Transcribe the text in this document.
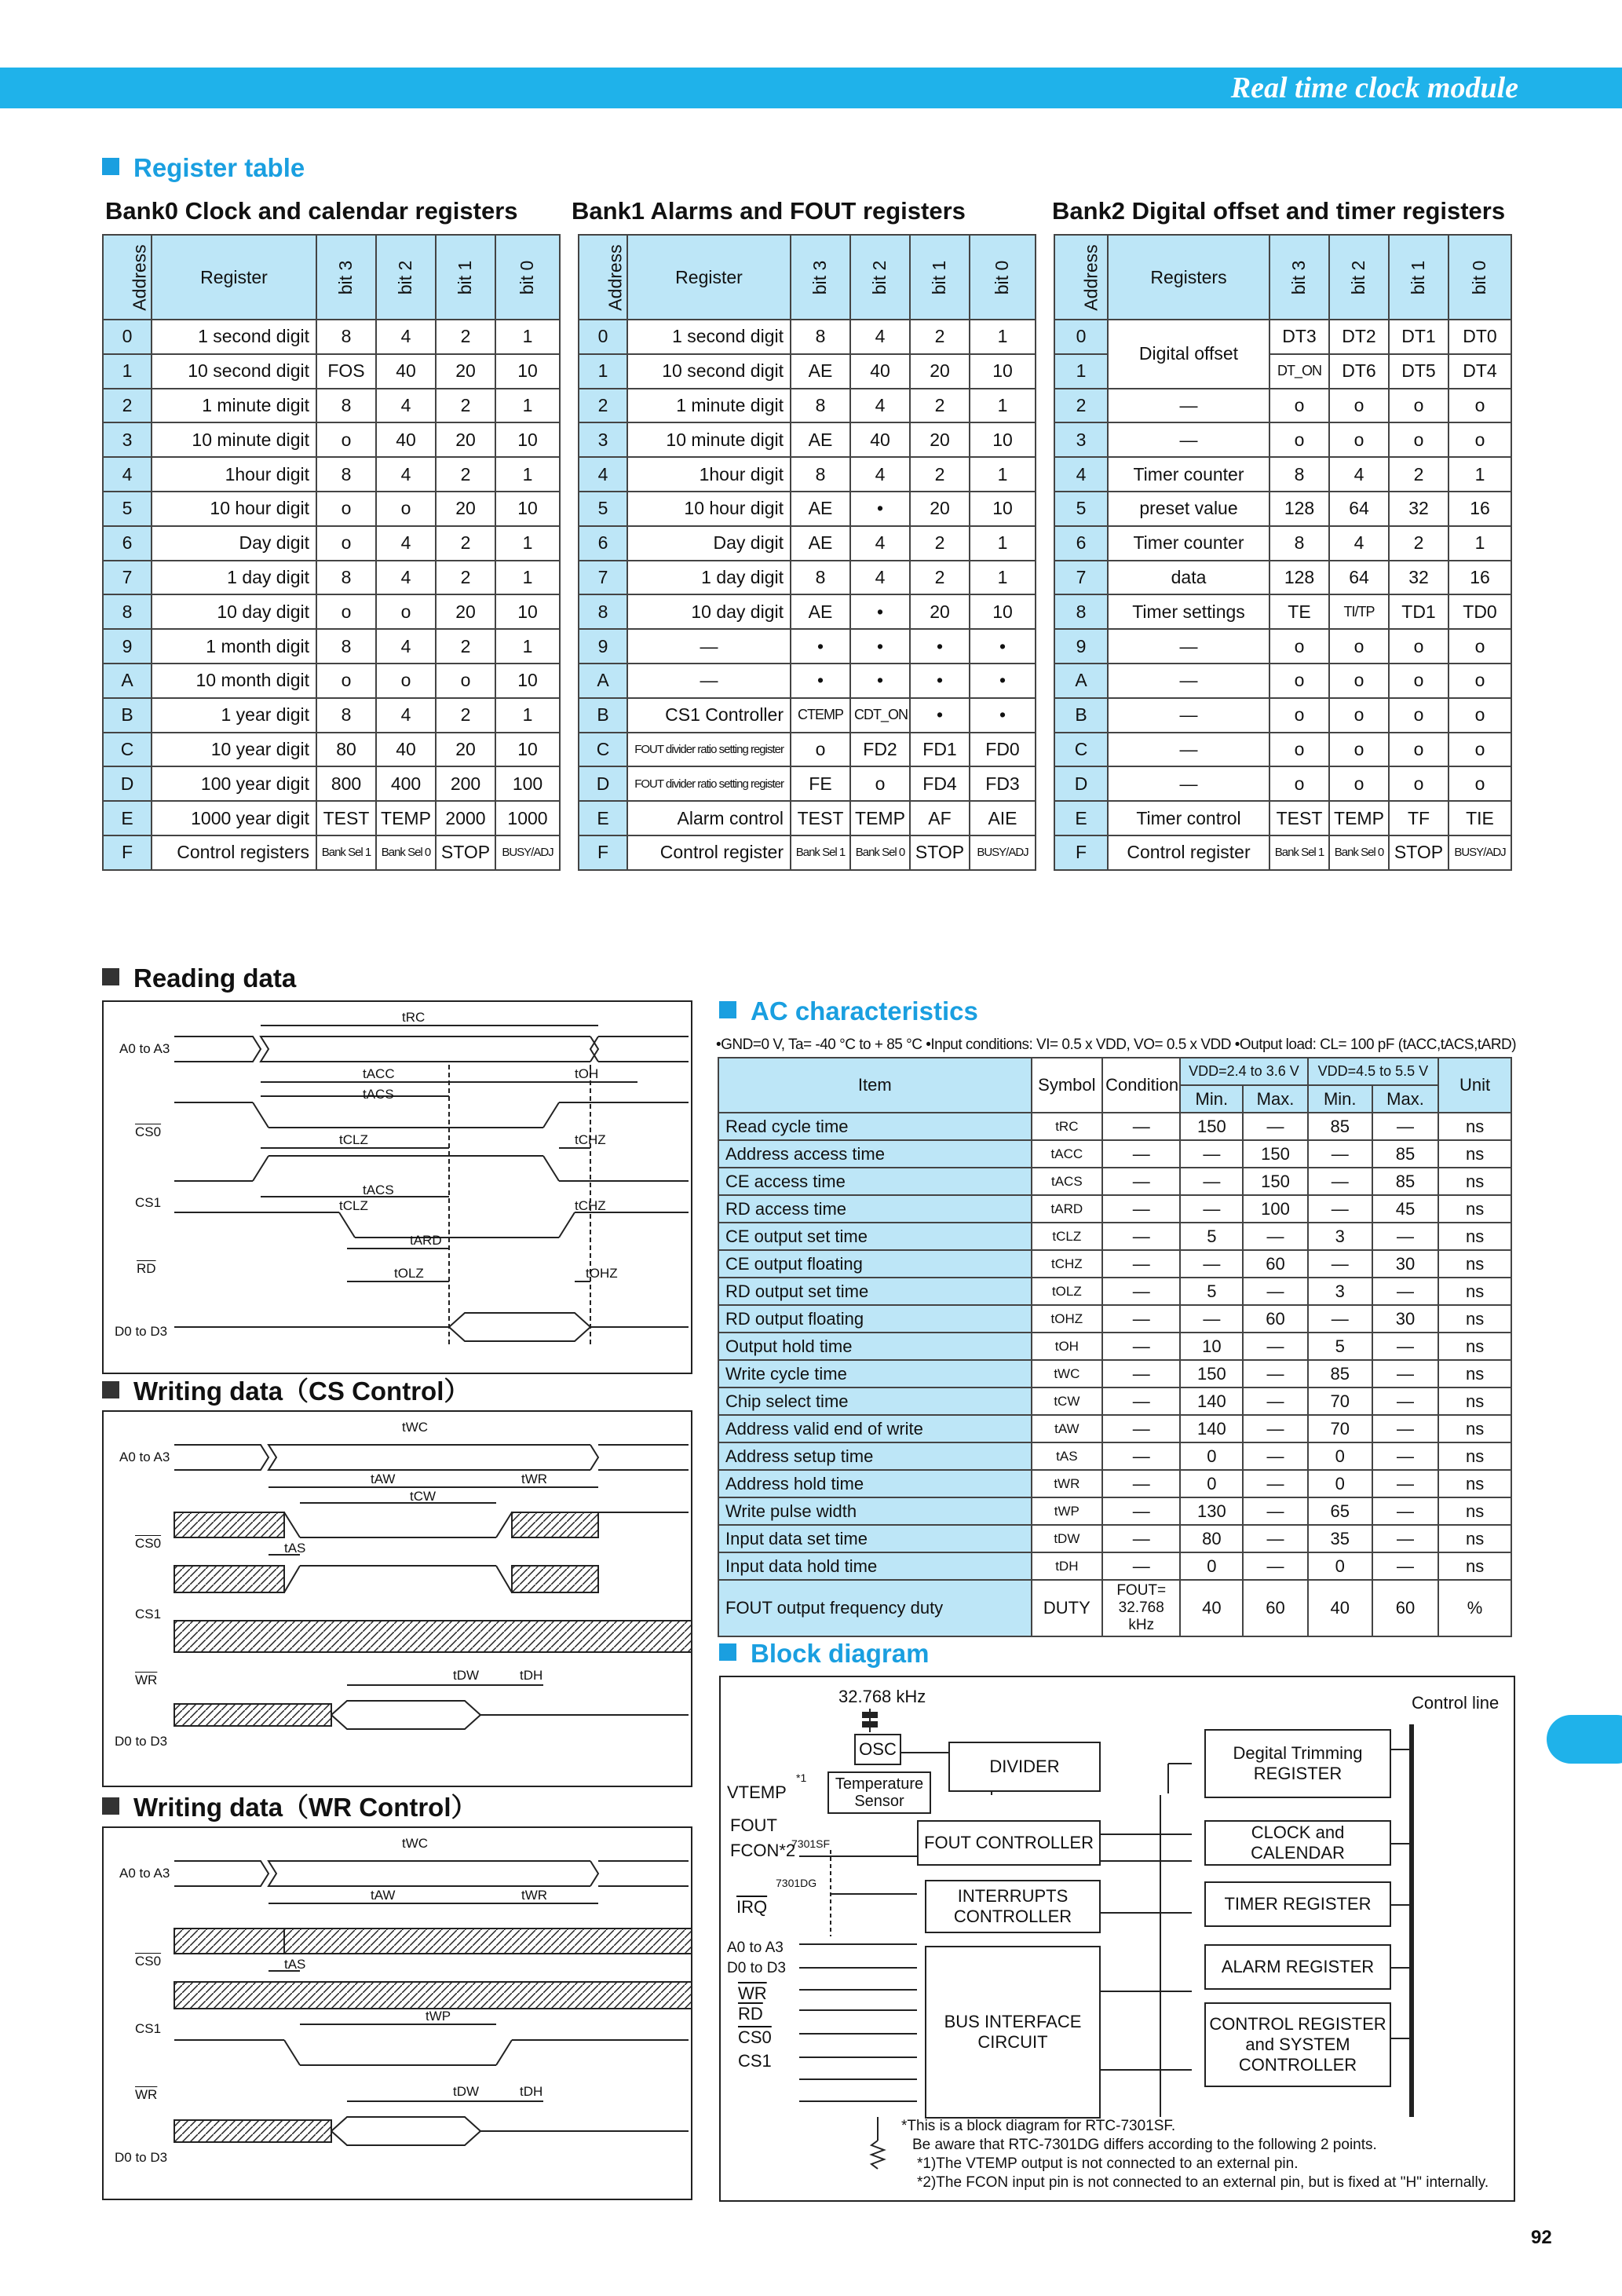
Real time clock module
Register table
Bank0 Clock and calendar registers Bank1 Alarms and FOUT registers	Bank2 Digital offset and timer registers
Address	Register	bit 3	bit 2	bit 1	bit 0
0	1 second digit	8	4	2	1
1	10 second digit	FOS	40	20	10
2	1 minute digit	8	4	2	1
3	10 minute digit	o	40	20	10
4	1hour digit	8	4	2	1
5	10 hour digit	o	o	20	10
6	Day digit	o	4	2	1
7	1 day digit	8	4	2	1
8	10 day digit	o	o	20	10
9	1 month digit	8	4	2	1
A	10 month digit	o	o	o	10
B	1 year digit	8	4	2	1
C	10 year digit	80	40	20	10
D	100 year digit	800	400	200	100
E	1000 year digit	TEST	TEMP	2000	1000
F	Control registers	Bank Sel 1	Bank Sel 0	STOP	BUSY/ADJ
Address	Register	bit 3	bit 2	bit 1	bit 0
0	1 second digit	8	4	2	1
1	10 second digit	AE	40	20	10
2	1 minute digit	8	4	2	1
3	10 minute digit	AE	40	20	10
4	1hour digit	8	4	2	1
5	10 hour digit	AE	•	20	10
6	Day digit	AE	4	2	1
7	1 day digit	8	4	2	1
8	10 day digit	AE	•	20	10
9	—	•	•	•	•
A	—	•	•	•	•
B	CS1 Controller	CTEMP	CDT_ON	•	•
C	FOUT divider ratio setting register	o	FD2	FD1	FD0
D	FOUT divider ratio setting register	FE	o	FD4	FD3
E	Alarm control	TEST	TEMP	AF	AIE
F	Control register	Bank Sel 1	Bank Sel 0	STOP	BUSY/ADJ
Address	Registers	bit 3	bit 2	bit 1	bit 0
0	Digital offset	DT3	DT2	DT1	DT0
1		DT_ON	DT6	DT5	DT4
2	—	o	o	o	o
3	—	o	o	o	o
4	Timer counter	8	4	2	1
5	preset value	128	64	32	16
6	Timer counter	8	4	2	1
7	data	128	64	32	16
8	Timer settings	TE	TI/TP	TD1	TD0
9	—	o	o	o	o
A	—	o	o	o	o
B	—	o	o	o	o
C	—	o	o	o	o
D	—	o	o	o	o
E	Timer control	TEST	TEMP	TF	TIE
F	Control register	Bank Sel 1	Bank Sel 0	STOP	BUSY/ADJ
Reading data
Writing data（CS Control）
Writing data（WR Control）
A0 to A3
CS0
CS1
$\overline{RD}$
D0 to D3
tRC
tACC	tOH
tACS
tCLZ	tCHZ
tACS
tCLZ	tCHZ
tARD
tOLZ	tOHZ
A0 to A3
CS0
CS1
$\overline{WR}$
D0 to D3
tWC
tAW	tWR
tCW
tAS
tDW	tDH
A0 to A3
CS0
CS1
$\overline{WR}$
D0 to D3
tWC
tAW	tWR
tAS
tWP
tDW	tDH
AC characteristics
•GND=0 V, Ta= -40 °C to + 85 °C •Input conditions: VI= 0.5 x VDD, VO= 0.5 x VDD •Output load: CL= 100 pF (tACC,tACS,tARD)
Item	Symbol	Condition	VDD=2.4 to 3.6 V		VDD=4.5 to 5.5 V		Unit
			Min.	Max.	Min.	Max.	
Read cycle time	tRC	—	150	—	85	—	ns
Address access time	tACC	—	—	150	—	85	ns
CE access time	tACS	—	—	150	—	85	ns
RD access time	tARD	—	—	100	—	45	ns
CE output set time	tCLZ	—	5	—	3	—	ns
CE output floating	tCHZ	—	—	60	—	30	ns
RD output set time	tOLZ	—	5	—	3	—	ns
RD output floating	tOHZ	—	—	60	—	30	ns
Output hold time	tOH	—	10	—	5	—	ns
Write cycle time	tWC	—	150	—	85	—	ns
Chip select time	tCW	—	140	—	70	—	ns
Address valid end of write	tAW	—	140	—	70	—	ns
Address setup time	tAS	—	0	—	0	—	ns
Address hold time	tWR	—	0	—	0	—	ns
Write pulse width	tWP	—	130	—	65	—	ns
Input data set time	tDW	—	80	—	35	—	ns
Input data hold time	tDH	—	0	—	0	—	ns
FOUT output frequency duty	DUTY	FOUT= 32.768 kHz	40	60	40	60	%
Block diagram
32.768 kHz
OSC
Temperature Sensor
*1
DIVIDER
FOUT CONTROLLER
INTERRUPTS CONTROLLER
BUS INTERFACE CIRCUIT
Degital Trimming REGISTER
CLOCK and CALENDAR
TIMER REGISTER
ALARM REGISTER
CONTROL REGISTER and SYSTEM CONTROLLER
Control line
VTEMP
FOUT
FCON*2
7301SF
7301DG
$\overline{IRQ}$
A0 to A3
D0 to D3
$\overline{WR}$
$\overline{RD}$
CS0
CS1
*This is a block diagram for RTC-7301SF.
Be aware that RTC-7301DG differs according to the following 2 points.
*1)The VTEMP output is not connected to an external pin.
*2)The FCON input pin is not connected to an external pin, but is fixed at "H" internally.
92
